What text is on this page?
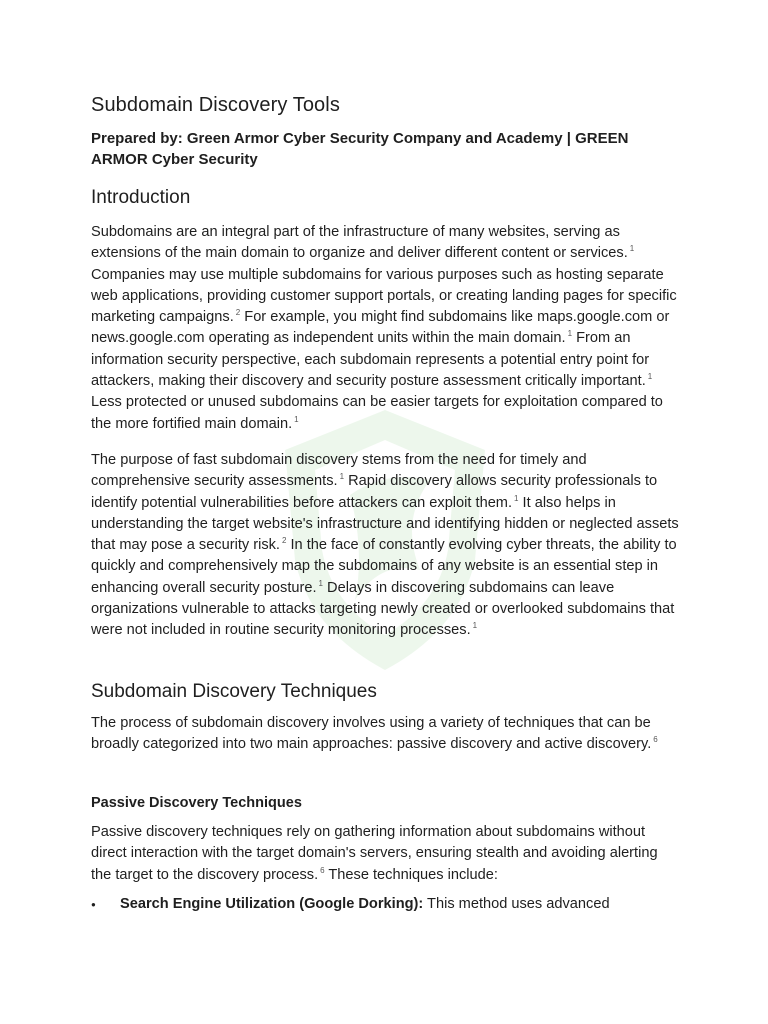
Subdomain Discovery Tools
Prepared by: Green Armor Cyber Security Company and Academy | GREEN ARMOR Cyber Security
Introduction

Subdomains are an integral part of the infrastructure of many websites, serving as extensions of the main domain to organize and deliver different content or services. $^1$ Companies may use multiple subdomains for various purposes such as hosting separate web applications, providing customer support portals, or creating landing pages for specific marketing campaigns. $^2$ For example, you might find subdomains like maps.google.com or news.google.com operating as independent units within the main domain. $^1$ From an information security perspective, each subdomain represents a potential entry point for attackers, making their discovery and security posture assessment critically important. $^1$ Less protected or unused subdomains can be easier targets for exploitation compared to the more fortified main domain. $^1$

The purpose of fast subdomain discovery stems from the need for timely and comprehensive security assessments. $^1$ Rapid discovery allows security professionals to identify potential vulnerabilities before attackers can exploit them. $^1$ It also helps in understanding the target website's infrastructure and identifying hidden or neglected assets that may pose a security risk. $^2$ In the face of constantly evolving cyber threats, the ability to quickly and comprehensively map the subdomains of any website is an essential step in enhancing overall security posture. $^1$ Delays in discovering subdomains can leave organizations vulnerable to attacks targeting newly created or overlooked subdomains that were not included in routine security monitoring processes. $^1$

Subdomain Discovery Techniques

The process of subdomain discovery involves using a variety of techniques that can be broadly categorized into two main approaches: passive discovery and active discovery. $^6$

Passive Discovery Techniques

Passive discovery techniques rely on gathering information about subdomains without direct interaction with the target domain's servers, ensuring stealth and avoiding alerting the target to the discovery process. $^6$ These techniques include:

● Search Engine Utilization (Google Dorking): This method uses advanced
